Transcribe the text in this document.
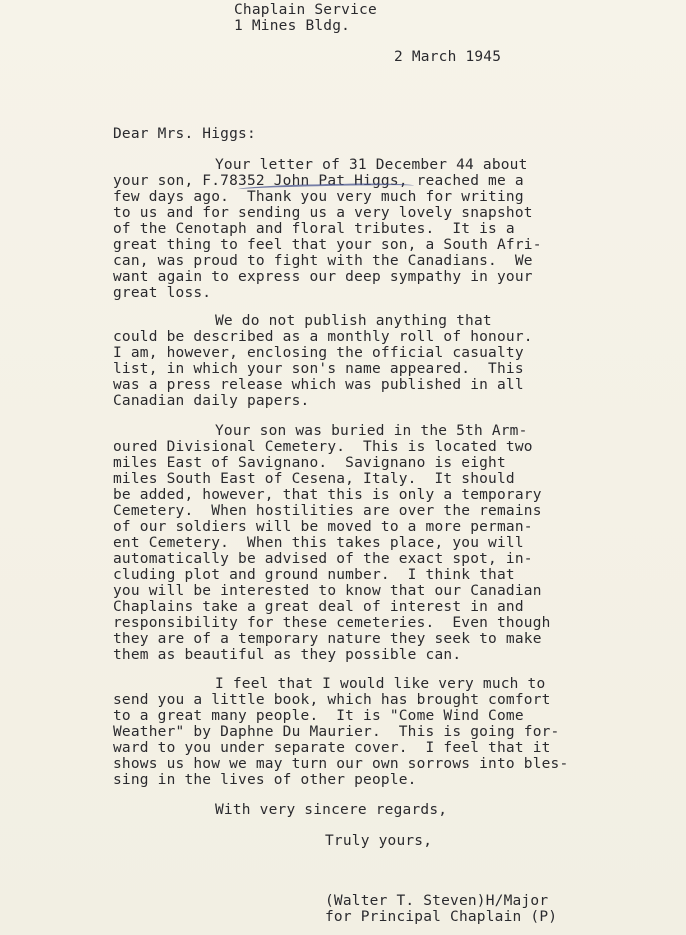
Chaplain Service
1 Mines Bldg.
2 March 1945
Dear Mrs. Higgs:
Your letter of 31 December 44 about
your son, F.78352 John Pat Higgs, reached me a
few days ago.  Thank you very much for writing
to us and for sending us a very lovely snapshot
of the Cenotaph and floral tributes.  It is a
great thing to feel that your son, a South Afri-
can, was proud to fight with the Canadians.  We
want again to express our deep sympathy in your
great loss.
We do not publish anything that
could be described as a monthly roll of honour.
I am, however, enclosing the official casualty
list, in which your son's name appeared.  This
was a press release which was published in all
Canadian daily papers.
Your son was buried in the 5th Arm-
oured Divisional Cemetery.  This is located two
miles East of Savignano.  Savignano is eight
miles South East of Cesena, Italy.  It should
be added, however, that this is only a temporary
Cemetery.  When hostilities are over the remains
of our soldiers will be moved to a more perman-
ent Cemetery.  When this takes place, you will
automatically be advised of the exact spot, in-
cluding plot and ground number.  I think that
you will be interested to know that our Canadian
Chaplains take a great deal of interest in and
responsibility for these cemeteries.  Even though
they are of a temporary nature they seek to make
them as beautiful as they possible can.
I feel that I would like very much to
send you a little book, which has brought comfort
to a great many people.  It is "Come Wind Come
Weather" by Daphne Du Maurier.  This is going for-
ward to you under separate cover.  I feel that it
shows us how we may turn our own sorrows into bles-
sing in the lives of other people.
With very sincere regards,
Truly yours,
(Walter T. Steven)H/Major
for Principal Chaplain (P)
